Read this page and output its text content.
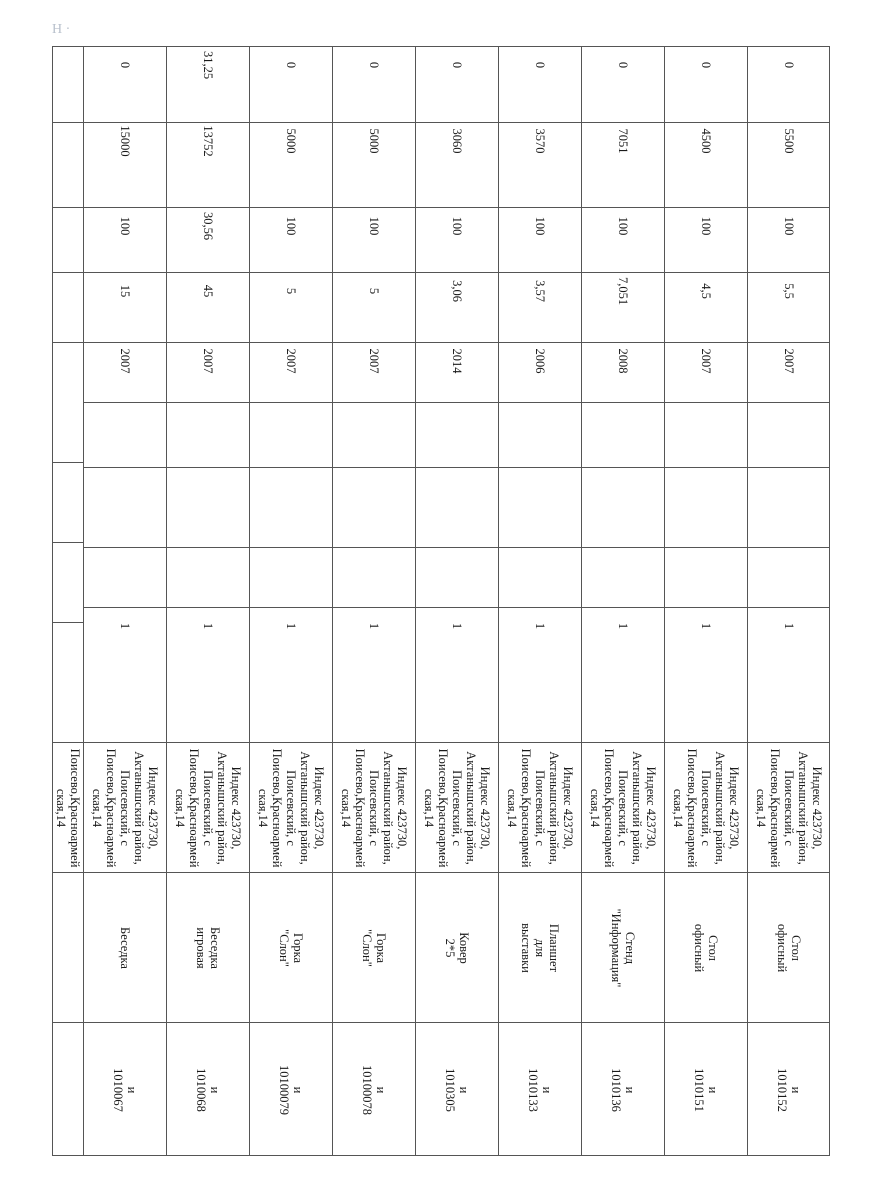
Н ·
Поисево,Красноармей
ская,14
0
15000
100
15
2007
1
Индекс 423730,
Актанышский район,
Поисевский, с
Поисево,Красноармей
ская,14
Беседка
и 1010067
31,25
13752
30,56
45
2007
1
Индекс 423730,
Актанышский район,
Поисевский, с
Поисево,Красноармей
ская,14
Беседка игровая
и 1010068
0
5000
100
5
2007
1
Индекс 423730,
Актанышский район,
Поисевский, с
Поисево,Красноармей
ская,14
Горка "Слон"
и 10100079
0
5000
100
5
2007
1
Индекс 423730,
Актанышский район,
Поисевский, с
Поисево,Красноармей
ская,14
Горка "Слон"
и 10100078
0
3060
100
3,06
2014
1
Индекс 423730,
Актанышский район,
Поисевский, с
Поисево,Красноармей
ская,14
Ковер 2*5
и 1010305
0
3570
100
3,57
2006
1
Индекс 423730,
Актанышский район,
Поисевский, с
Поисево,Красноармей
ская,14
Планшет для
выставки
и 1010133
0
7051
100
7,051
2008
1
Индекс 423730,
Актанышский район,
Поисевский, с
Поисево,Красноармей
ская,14
Стенд
"Информация"
и 1010136
0
4500
100
4,5
2007
1
Индекс 423730,
Актанышский район,
Поисевский, с
Поисево,Красноармей
ская,14
Стол офисный
и 1010151
0
5500
100
5,5
2007
1
Индекс 423730,
Актанышский район,
Поисевский, с
Поисево,Красноармей
ская,14
Стол офисный
и 1010152
